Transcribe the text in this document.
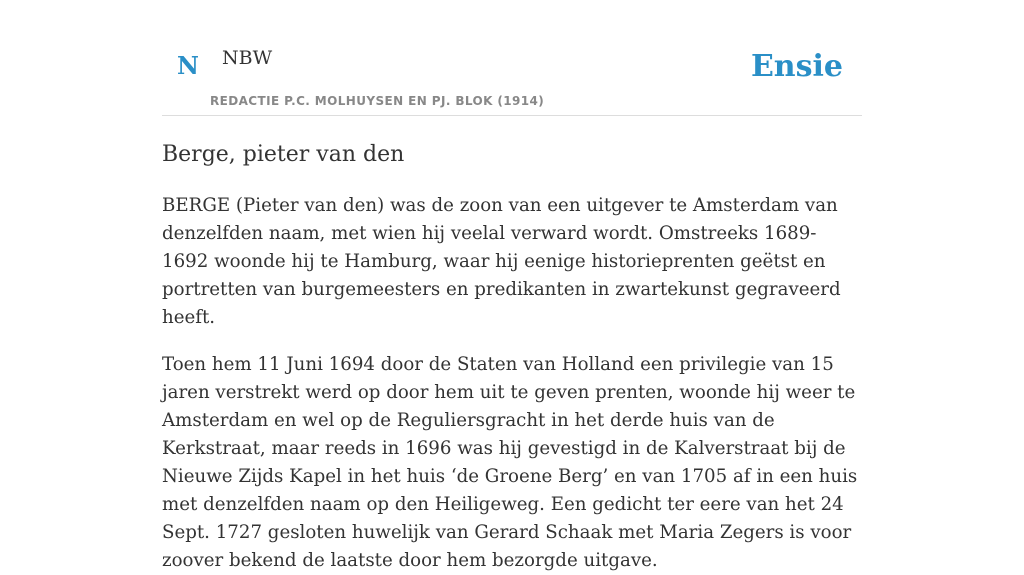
N NBW
REDACTIE P.C. MOLHUYSEN EN PJ. BLOK (1914)
Ensie
Berge, pieter van den

BERGE (Pieter van den) was de zoon van een uitgever te Amsterdam van denzelfden naam, met wien hij veelal verward wordt. Omstreeks 1689-1692 woonde hij te Hamburg, waar hij eenige historieprenten geëtst en portretten van burgemeesters en predikanten in zwartekunst gegraveerd heeft.

Toen hem 11 Juni 1694 door de Staten van Holland een privilegie van 15 jaren verstrekt werd op door hem uit te geven prenten, woonde hij weer te Amsterdam en wel op de Reguliersgracht in het derde huis van de Kerkstraat, maar reeds in 1696 was hij gevestigd in de Kalverstraat bij de Nieuwe Zijds Kapel in het huis ‘de Groene Berg’ en van 1705 af in een huis met denzelfden naam op den Heiligeweg. Een gedicht ter eere van het 24 Sept. 1727 gesloten huwelijk van Gerard Schaak met Maria Zegers is voor zoover bekend de laatste door hem bezorgde uitgave.
